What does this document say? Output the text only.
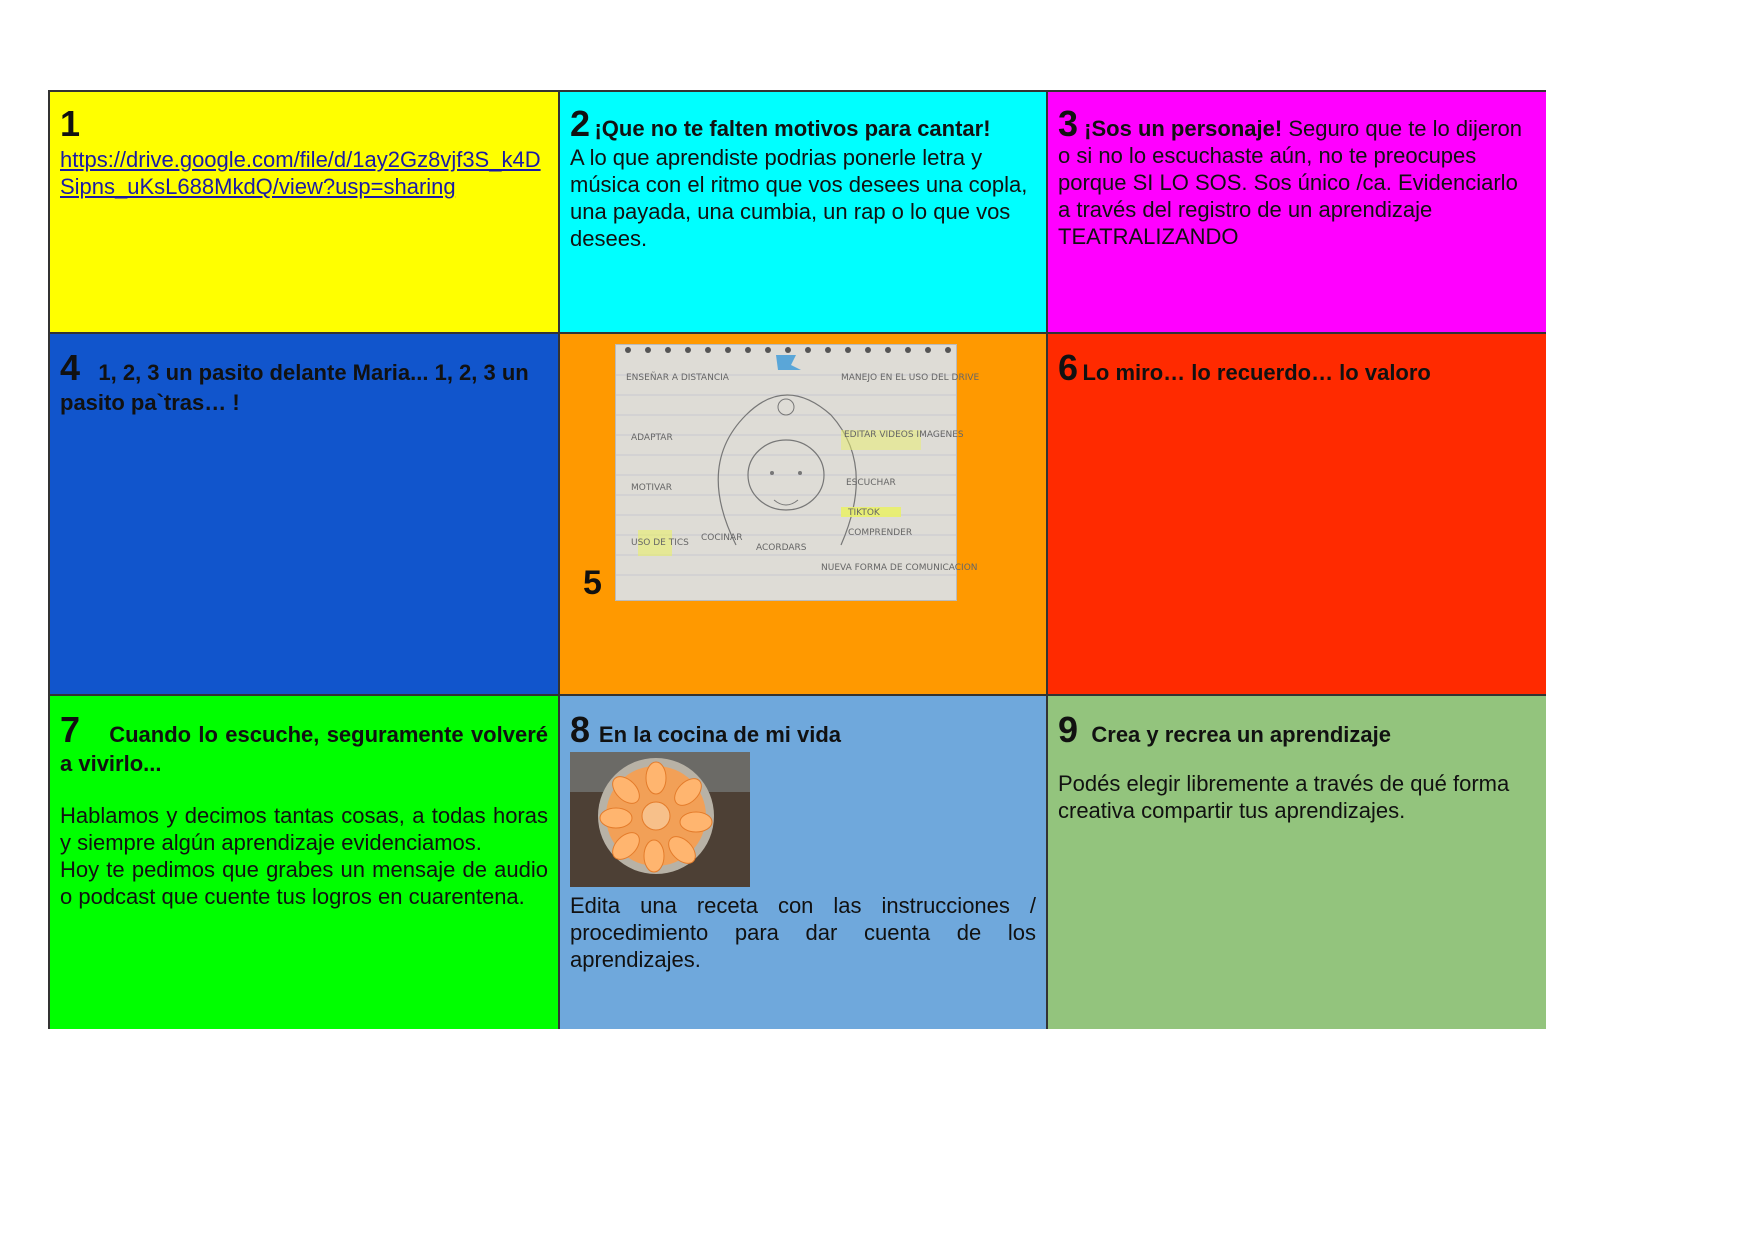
1
https://drive.google.com/file/d/1ay2Gz8vjf3S_k4DSipns_uKsL688MkdQ/view?usp=sharing
2 ¡Que no te falten motivos para cantar!
A lo que aprendiste podrias ponerle letra y música con el ritmo que vos desees una copla, una payada, una cumbia, un rap o lo que vos desees.
3 ¡Sos un personaje! Seguro que te lo dijeron o si no lo escuchaste aún, no te preocupes porque SI LO SOS. Sos único /ca. Evidenciarlo a través del registro de un aprendizaje TEATRALIZANDO
4 1, 2, 3 un pasito delante Maria... 1, 2, 3 un pasito pa`tras… !
ENSEÑAR A DISTANCIA
ADAPTAR
MOTIVAR
USO DE TICS COCINAR
ACORDARS
MANEJO EN EL USO DEL DRIVE
EDITAR VIDEOS IMAGENES
ESCUCHAR
TIKTOK
COMPRENDER
NUEVA FORMA DE COMUNICACION
5
6 Lo miro… lo recuerdo… lo valoro
7 Cuando lo escuche, seguramente volveré a vivirlo...
Hablamos y decimos tantas cosas, a todas horas y siempre algún aprendizaje evidenciamos.
Hoy te pedimos que grabes un mensaje de audio o podcast que cuente tus logros en cuarentena.
8 En la cocina de mi vida
Edita una receta con las instrucciones / procedimiento para dar cuenta de los aprendizajes.
9 Crea y recrea un aprendizaje
Podés elegir libremente a través de qué forma creativa compartir tus aprendizajes.
